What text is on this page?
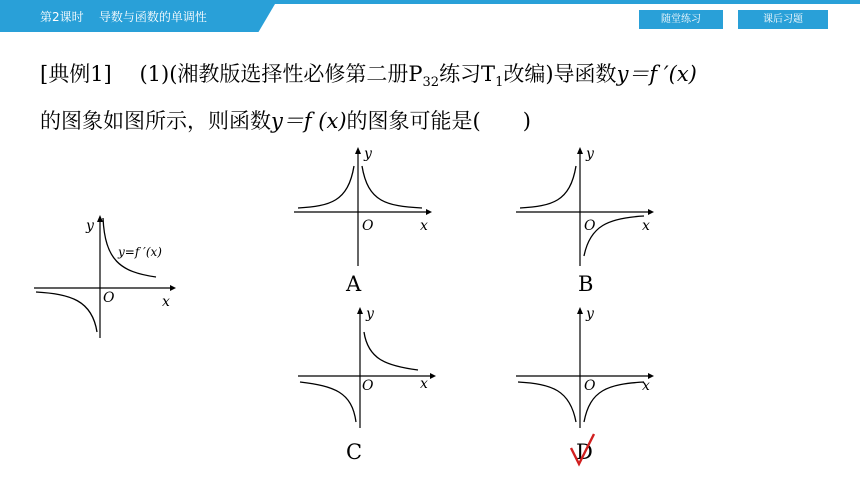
第2课时    导数与函数的单调性	随堂练习	课后习题
[典例1]　 (1)(湘教版选择性必修第二册$P_{32}$练习$T_1$改编)导函数y＝f ′(x)
的图象如图所示，则函数y＝f (x)的图象可能是(　　)
y
x
O
y=f ′(x)
y
x
O
A
y
x
O
B
y
x
O
C
y
x
O
D
